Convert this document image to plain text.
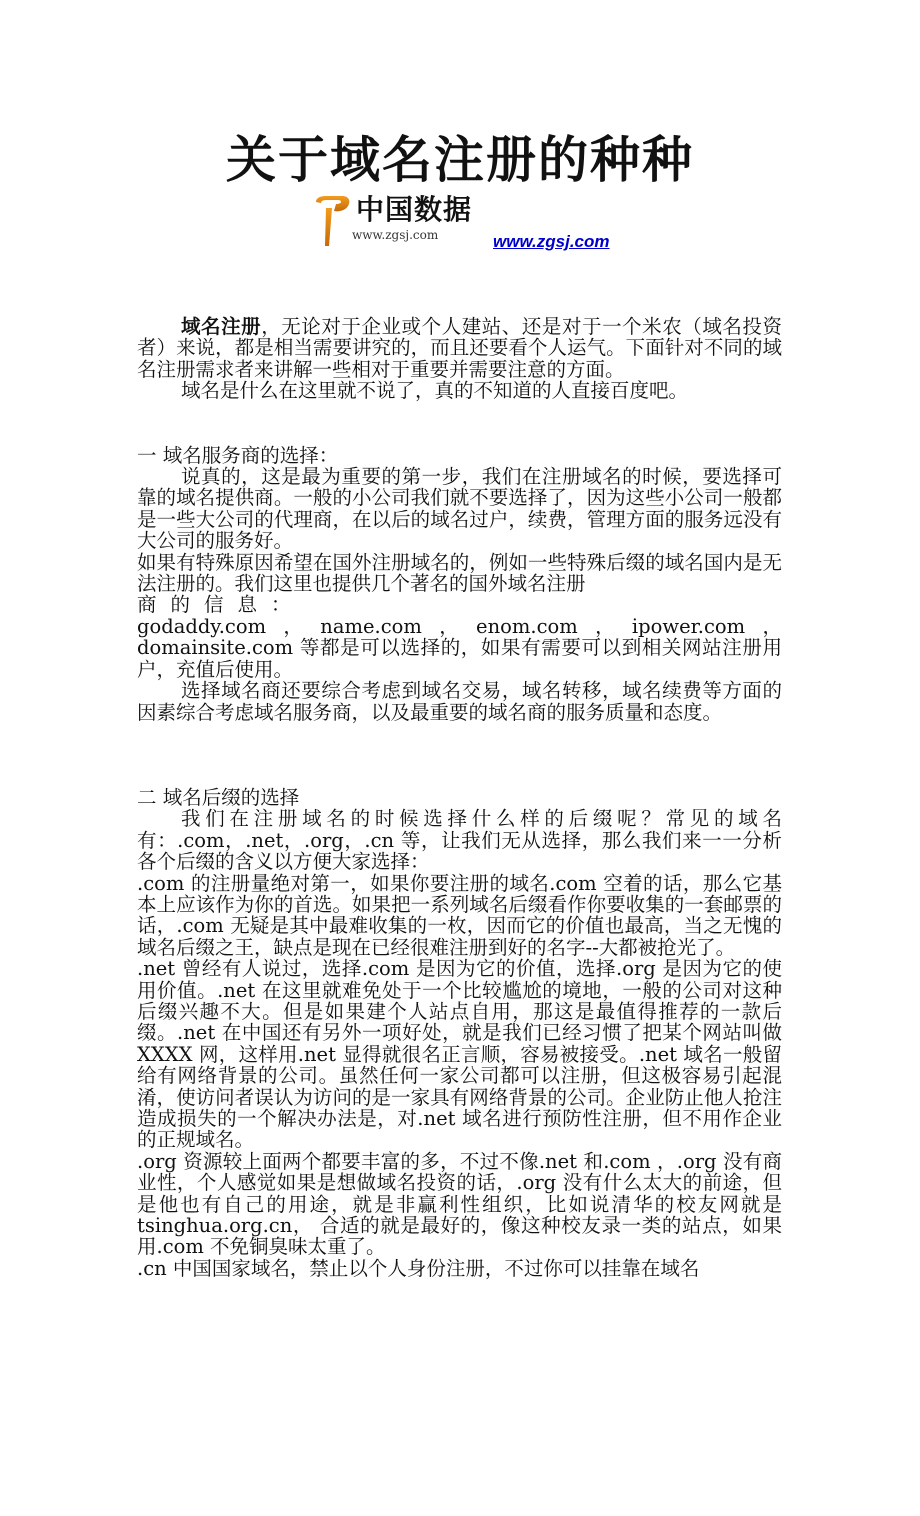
关于域名注册的种种
中国数据
www.zgsj.com	www.zgsj.com

域名注册，无论对于企业或个人建站、还是对于一个米农（域名投资者）来说，都是相当需要讲究的，而且还要看个人运气。下面针对不同的域名注册需求者来讲解一些相对于重要并需要注意的方面。

域名是什么在这里就不说了，真的不知道的人直接百度吧。

一 域名服务商的选择：

说真的，这是最为重要的第一步，我们在注册域名的时候，要选择可靠的域名提供商。一般的小公司我们就不要选择了，因为这些小公司一般都是一些大公司的代理商，在以后的域名过户，续费，管理方面的服务远没有大公司的服务好。

如果有特殊原因希望在国外注册域名的，例如一些特殊后缀的域名国内是无法注册的。我们这里也提供几个著名的国外域名注册
商的信息：
godaddy.com，name.com，enom.com，ipower.com，domainsite.com 等都是可以选择的，如果有需要可以到相关网站注册用户，充值后使用。

选择域名商还要综合考虑到域名交易，域名转移，域名续费等方面的因素综合考虑域名服务商，以及最重要的域名商的服务质量和态度。

二 域名后缀的选择

我们在注册域名的时候选择什么样的后缀呢？常见的域名有：.com，.net，.org，.cn 等，让我们无从选择，那么我们来一一分析各个后缀的含义以方便大家选择：

.com 的注册量绝对第一，如果你要注册的域名.com 空着的话，那么它基本上应该作为你的首选。如果把一系列域名后缀看作你要收集的一套邮票的话，.com 无疑是其中最难收集的一枚，因而它的价值也最高，当之无愧的域名后缀之王，缺点是现在已经很难注册到好的名字--大都被抢光了。

.net 曾经有人说过，选择.com 是因为它的价值，选择.org 是因为它的使用价值。.net 在这里就难免处于一个比较尴尬的境地，一般的公司对这种后缀兴趣不大。但是如果建个人站点自用，那这是最值得推荐的一款后缀。.net 在中国还有另外一项好处，就是我们已经习惯了把某个网站叫做 XXXX 网，这样用.net 显得就很名正言顺，容易被接受。.net 域名一般留给有网络背景的公司。虽然任何一家公司都可以注册，但这极容易引起混淆，使访问者误认为访问的是一家具有网络背景的公司。企业防止他人抢注造成损失的一个解决办法是，对.net 域名进行预防性注册，但不用作企业的正规域名。

.org 资源较上面两个都要丰富的多，不过不像.net 和.com ，.org 没有商业性，个人感觉如果是想做域名投资的话，.org 没有什么太大的前途，但是他也有自己的用途，就是非赢利性组织，比如说清华的校友网就是 tsinghua.org.cn， 合适的就是最好的，像这种校友录一类的站点，如果用.com 不免铜臭味太重了。

.cn 中国国家域名，禁止以个人身份注册，不过你可以挂靠在域名
